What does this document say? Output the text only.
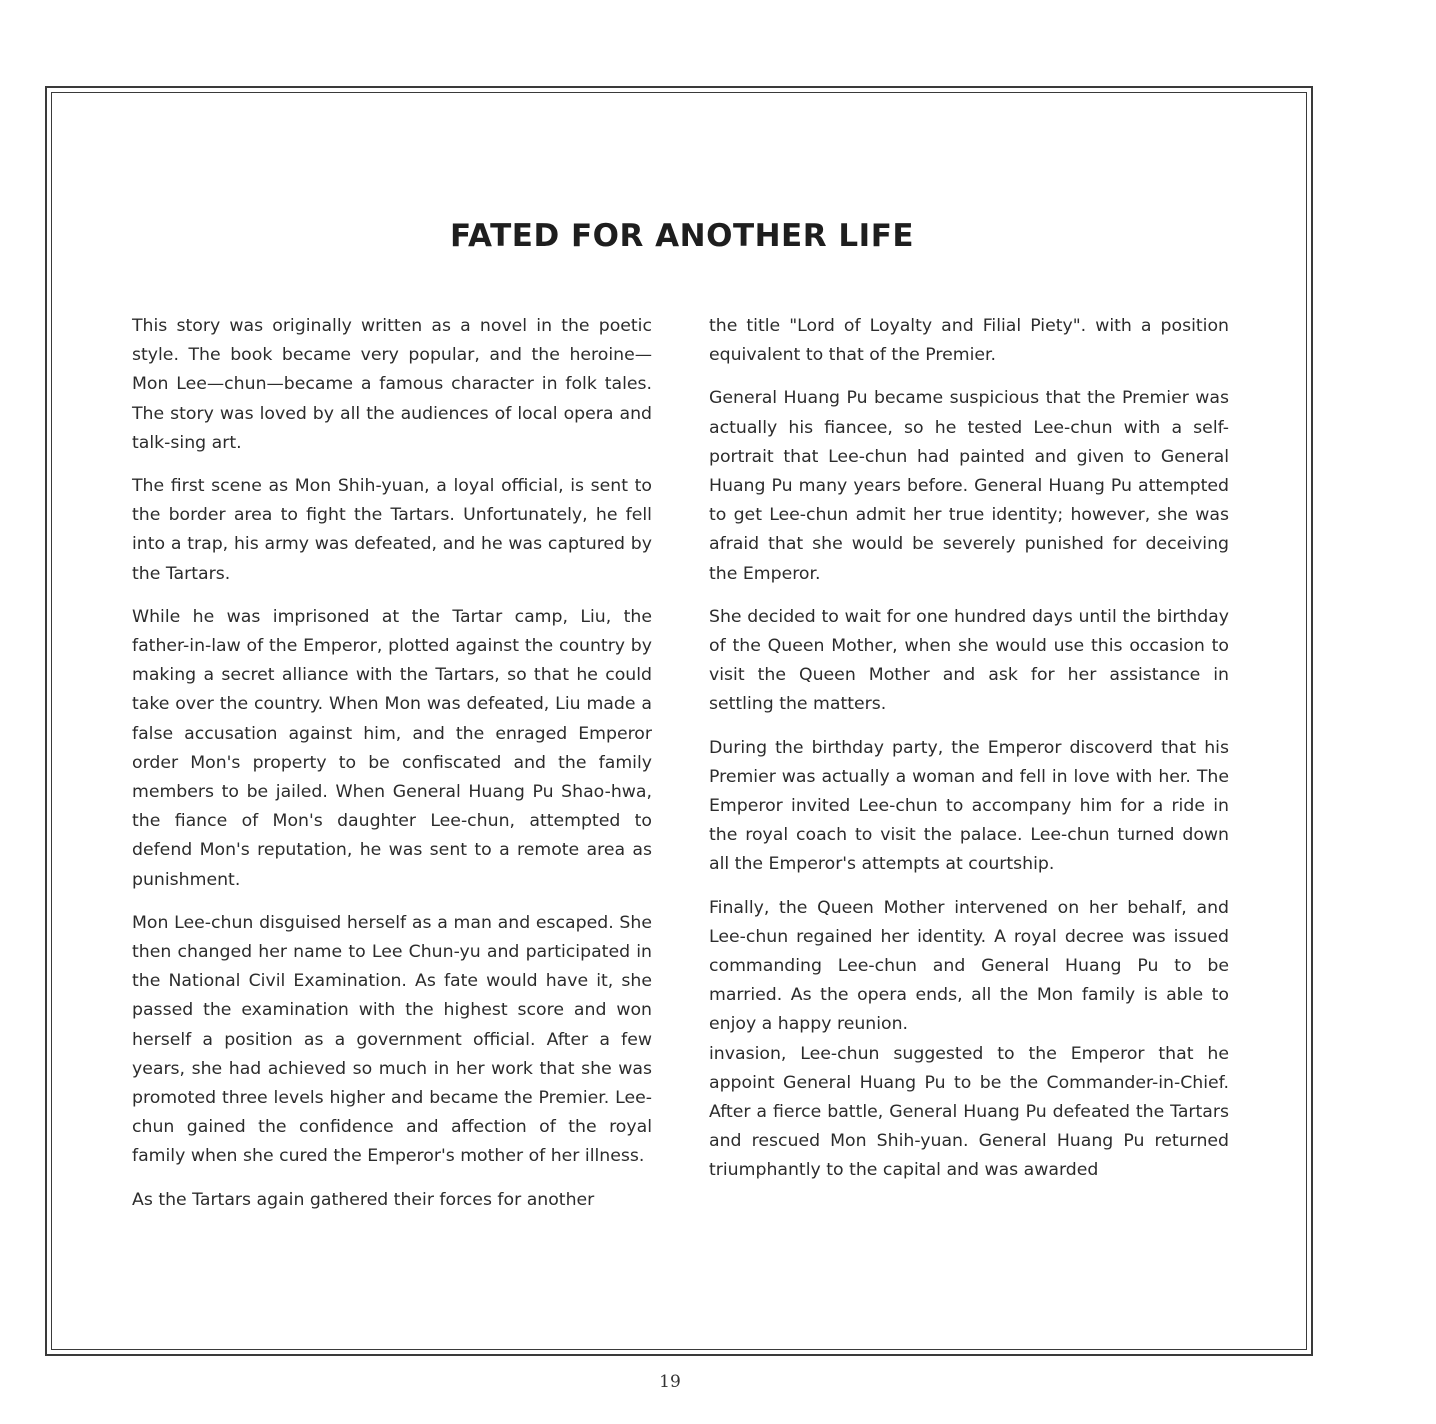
FATED FOR ANOTHER LIFE

This story was originally written as a novel in the poetic style. The book became very popular, and the heroine—Mon Lee—chun—became a famous character in folk tales. The story was loved by all the audiences of local opera and talk-sing art.

The first scene as Mon Shih-yuan, a loyal official, is sent to the border area to fight the Tartars. Unfortunately, he fell into a trap, his army was defeated, and he was captured by the Tartars.

While he was imprisoned at the Tartar camp, Liu, the father-in-law of the Emperor, plotted against the country by making a secret alliance with the Tartars, so that he could take over the country. When Mon was defeated, Liu made a false accusation against him, and the enraged Emperor order Mon's property to be confiscated and the family members to be jailed. When General Huang Pu Shao-hwa, the fiance of Mon's daughter Lee-chun, attempted to defend Mon's reputation, he was sent to a remote area as punishment.

Mon Lee-chun disguised herself as a man and escaped. She then changed her name to Lee Chun-yu and participated in the National Civil Examination. As fate would have it, she passed the examination with the highest score and won herself a position as a government official. After a few years, she had achieved so much in her work that she was promoted three levels higher and became the Premier. Lee-chun gained the confidence and affection of the royal family when she cured the Emperor's mother of her illness.

As the Tartars again gathered their forces for another

the title "Lord of Loyalty and Filial Piety". with a position equivalent to that of the Premier.

General Huang Pu became suspicious that the Premier was actually his fiancee, so he tested Lee-chun with a self-portrait that Lee-chun had painted and given to General Huang Pu many years before. General Huang Pu attempted to get Lee-chun admit her true identity; however, she was afraid that she would be severely punished for deceiving the Emperor.

She decided to wait for one hundred days until the birthday of the Queen Mother, when she would use this occasion to visit the Queen Mother and ask for her assistance in settling the matters.

During the birthday party, the Emperor discoverd that his Premier was actually a woman and fell in love with her. The Emperor invited Lee-chun to accompany him for a ride in the royal coach to visit the palace. Lee-chun turned down all the Emperor's attempts at courtship.

Finally, the Queen Mother intervened on her behalf, and Lee-chun regained her identity. A royal decree was issued commanding Lee-chun and General Huang Pu to be married. As the opera ends, all the Mon family is able to enjoy a happy reunion.

invasion, Lee-chun suggested to the Emperor that he appoint General Huang Pu to be the Commander-in-Chief. After a fierce battle, General Huang Pu defeated the Tartars and rescued Mon Shih-yuan. General Huang Pu returned triumphantly to the capital and was awarded

19
